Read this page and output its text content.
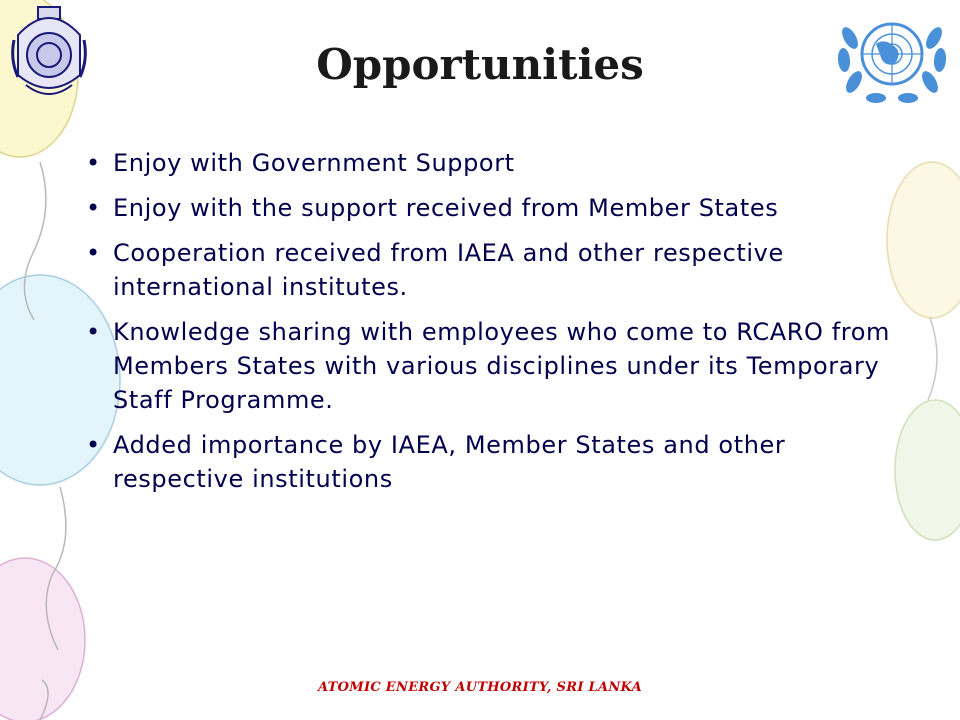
Opportunities
• Enjoy with Government Support
• Enjoy with the support received from Member States
• Cooperation received from IAEA and other respective international institutes.
• Knowledge sharing with employees who come to RCARO from Members States with various disciplines under its Temporary Staff Programme.
• Added importance by IAEA, Member States and other respective institutions
ATOMIC ENERGY AUTHORITY, SRI LANKA
